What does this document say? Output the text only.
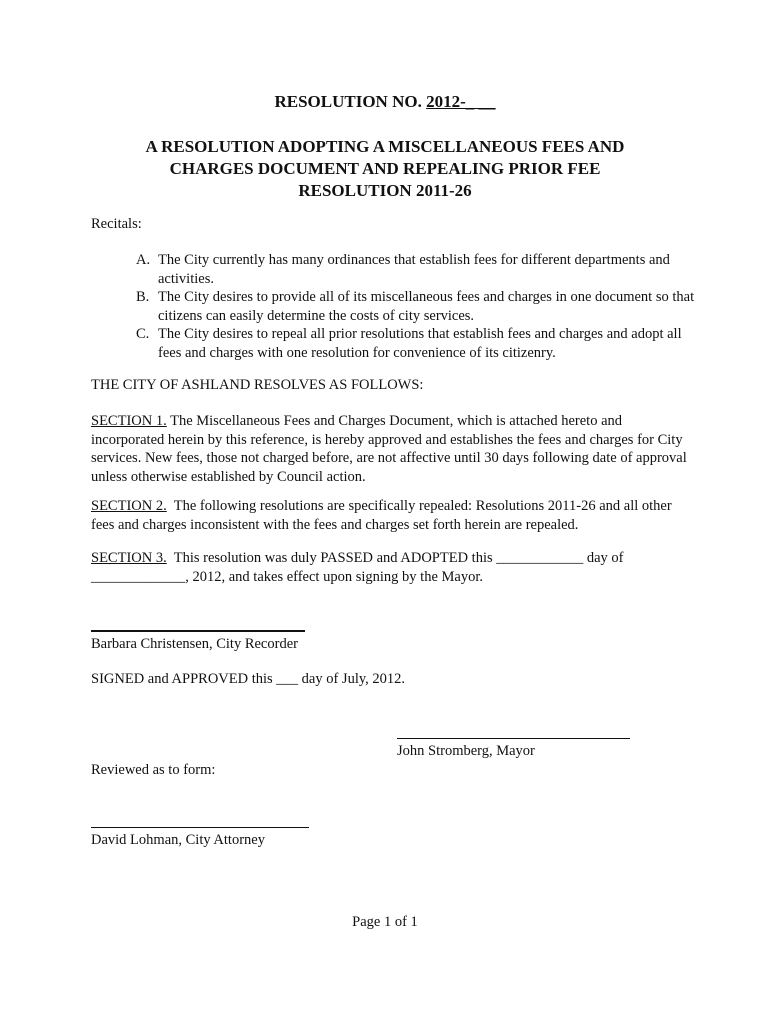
RESOLUTION NO. 2012-_ __
A RESOLUTION ADOPTING A MISCELLANEOUS FEES AND
CHARGES DOCUMENT AND REPEALING PRIOR FEE
RESOLUTION 2011-26
Recitals:

A. The City currently has many ordinances that establish fees for different departments and activities.

B. The City desires to provide all of its miscellaneous fees and charges in one document so that citizens can easily determine the costs of city services.

C. The City desires to repeal all prior resolutions that establish fees and charges and adopt all fees and charges with one resolution for convenience of its citizenry.

THE CITY OF ASHLAND RESOLVES AS FOLLOWS:
SECTION 1. The Miscellaneous Fees and Charges Document, which is attached hereto and incorporated herein by this reference, is hereby approved and establishes the fees and charges for City services. New fees, those not charged before, are not affective until 30 days following date of approval unless otherwise established by Council action.
SECTION 2.  The following resolutions are specifically repealed: Resolutions 2011-26 and all other fees and charges inconsistent with the fees and charges set forth herein are repealed.
SECTION 3.  This resolution was duly PASSED and ADOPTED this ____________ day of _____________, 2012, and takes effect upon signing by the Mayor.
Barbara Christensen, City Recorder
SIGNED and APPROVED this ___ day of July, 2012.
John Stromberg, Mayor
Reviewed as to form:
David Lohman, City Attorney
Page 1 of 1
